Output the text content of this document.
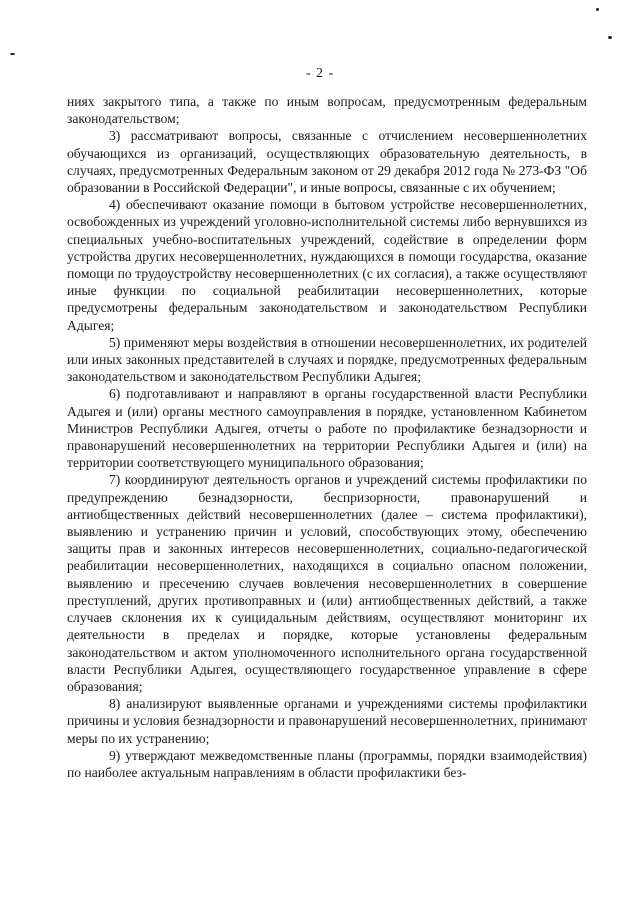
- 2 -

ниях закрытого типа, а также по иным вопросам, предусмотренным федеральным законодательством;

3) рассматривают вопросы, связанные с отчислением несовершеннолетних обучающихся из организаций, осуществляющих образовательную деятельность, в случаях, предусмотренных Федеральным законом от 29 декабря 2012 года № 273-ФЗ "Об образовании в Российской Федерации", и иные вопросы, связанные с их обучением;

4) обеспечивают оказание помощи в бытовом устройстве несовершеннолетних, освобожденных из учреждений уголовно-исполнительной системы либо вернувшихся из специальных учебно-воспитательных учреждений, содействие в определении форм устройства других несовершеннолетних, нуждающихся в помощи государства, оказание помощи по трудоустройству несовершеннолетних (с их согласия), а также осуществляют иные функции по социальной реабилитации несовершеннолетних, которые предусмотрены федеральным законодательством и законодательством Республики Адыгея;

5) применяют меры воздействия в отношении несовершеннолетних, их родителей или иных законных представителей в случаях и порядке, предусмотренных федеральным законодательством и законодательством Республики Адыгея;

6) подготавливают и направляют в органы государственной власти Республики Адыгея и (или) органы местного самоуправления в порядке, установленном Кабинетом Министров Республики Адыгея, отчеты о работе по профилактике безнадзорности и правонарушений несовершеннолетних на территории Республики Адыгея и (или) на территории соответствующего муниципального образования;

7) координируют деятельность органов и учреждений системы профилактики по предупреждению безнадзорности, беспризорности, правонарушений и антиобщественных действий несовершеннолетних (далее – система профилактики), выявлению и устранению причин и условий, способствующих этому, обеспечению защиты прав и законных интересов несовершеннолетних, социально-педагогической реабилитации несовершеннолетних, находящихся в социально опасном положении, выявлению и пресечению случаев вовлечения несовершеннолетних в совершение преступлений, других противоправных и (или) антиобщественных действий, а также случаев склонения их к суицидальным действиям, осуществляют мониторинг их деятельности в пределах и порядке, которые установлены федеральным законодательством и актом уполномоченного исполнительного органа государственной власти Республики Адыгея, осуществляющего государственное управление в сфере образования;

8) анализируют выявленные органами и учреждениями системы профилактики причины и условия безнадзорности и правонарушений несовершеннолетних, принимают меры по их устранению;

9) утверждают межведомственные планы (программы, порядки взаимодействия) по наиболее актуальным направлениям в области профилактики без-
